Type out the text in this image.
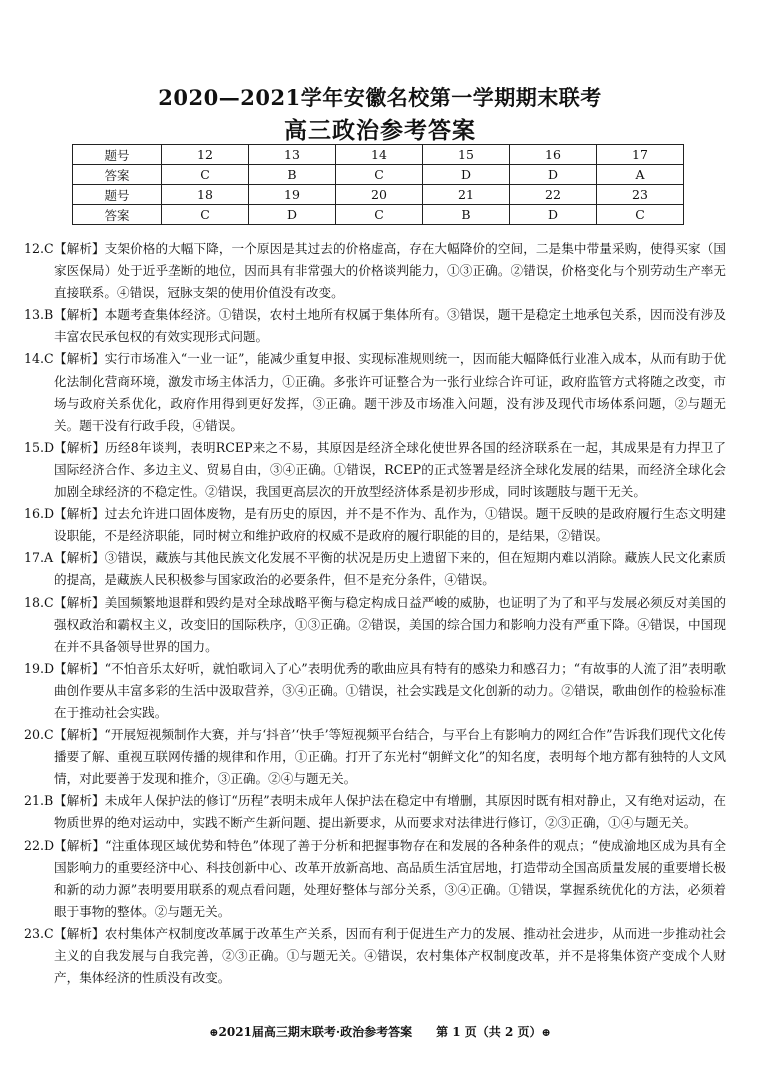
2020—2021学年安徽名校第一学期期末联考
高三政治参考答案
题号	12	13	14	15	16	17
答案	C	B	C	D	D	A
题号	18	19	20	21	22	23
答案	C	D	C	B	D	C
12.C 【解析】支架价格的大幅下降，一个原因是其过去的价格虚高，存在大幅降价的空间，二是集中带量采购，使得买家（国家医保局）处于近乎垄断的地位，因而具有非常强大的价格谈判能力，①③正确。②错误，价格变化与个别劳动生产率无直接联系。④错误，冠脉支架的使用价值没有改变。
13.B 【解析】本题考查集体经济。①错误，农村土地所有权属于集体所有。③错误，题干是稳定土地承包关系，因而没有涉及丰富农民承包权的有效实现形式问题。
14.C 【解析】实行市场准入“一业一证”，能减少重复申报、实现标准规则统一，因而能大幅降低行业准入成本，从而有助于优化法制化营商环境，激发市场主体活力，①正确。多张许可证整合为一张行业综合许可证，政府监管方式将随之改变，市场与政府关系优化，政府作用得到更好发挥，③正确。题干涉及市场准入问题，没有涉及现代市场体系问题，②与题无关。题干没有行政手段，④错误。
15.D 【解析】历经8年谈判，表明RCEP来之不易，其原因是经济全球化使世界各国的经济联系在一起，其成果是有力捍卫了国际经济合作、多边主义、贸易自由，③④正确。①错误，RCEP的正式签署是经济全球化发展的结果，而经济全球化会加剧全球经济的不稳定性。②错误，我国更高层次的开放型经济体系是初步形成，同时该题肢与题干无关。
16.D 【解析】过去允许进口固体废物，是有历史的原因，并不是不作为、乱作为，①错误。题干反映的是政府履行生态文明建设职能，不是经济职能，同时树立和维护政府的权威不是政府的履行职能的目的，是结果，②错误。
17.A 【解析】③错误，藏族与其他民族文化发展不平衡的状况是历史上遗留下来的，但在短期内难以消除。藏族人民文化素质的提高，是藏族人民积极参与国家政治的必要条件，但不是充分条件，④错误。
18.C 【解析】美国频繁地退群和毁约是对全球战略平衡与稳定构成日益严峻的威胁，也证明了为了和平与发展必须反对美国的强权政治和霸权主义，改变旧的国际秩序，①③正确。②错误，美国的综合国力和影响力没有严重下降。④错误，中国现在并不具备领导世界的国力。
19.D 【解析】“不怕音乐太好听，就怕歌词入了心”表明优秀的歌曲应具有特有的感染力和感召力；“有故事的人流了泪”表明歌曲创作要从丰富多彩的生活中汲取营养，③④正确。①错误，社会实践是文化创新的动力。②错误，歌曲创作的检验标准在于推动社会实践。
20.C 【解析】“开展短视频制作大赛，并与‘抖音’‘快手’等短视频平台结合，与平台上有影响力的网红合作”告诉我们现代文化传播要了解、重视互联网传播的规律和作用，①正确。打开了东光村“朝鲜文化”的知名度，表明每个地方都有独特的人文风情，对此要善于发现和推介，③正确。②④与题无关。
21.B 【解析】未成年人保护法的修订“历程”表明未成年人保护法在稳定中有增删，其原因时既有相对静止，又有绝对运动，在物质世界的绝对运动中，实践不断产生新问题、提出新要求，从而要求对法律进行修订，②③正确，①④与题无关。
22.D 【解析】“注重体现区域优势和特色”体现了善于分析和把握事物存在和发展的各种条件的观点；“使成渝地区成为具有全国影响力的重要经济中心、科技创新中心、改革开放新高地、高品质生活宜居地，打造带动全国高质量发展的重要增长极和新的动力源”表明要用联系的观点看问题，处理好整体与部分关系，③④正确。①错误，掌握系统优化的方法，必须着眼于事物的整体。②与题无关。
23.C 【解析】农村集体产权制度改革属于改革生产关系，因而有利于促进生产力的发展、推动社会进步，从而进一步推动社会主义的自我发展与自我完善，②③正确。①与题无关。④错误，农村集体产权制度改革，并不是将集体资产变成个人财产，集体经济的性质没有改变。
⊕2021届高三期末联考·政治参考答案　　第 1 页（共 2 页）⊕
